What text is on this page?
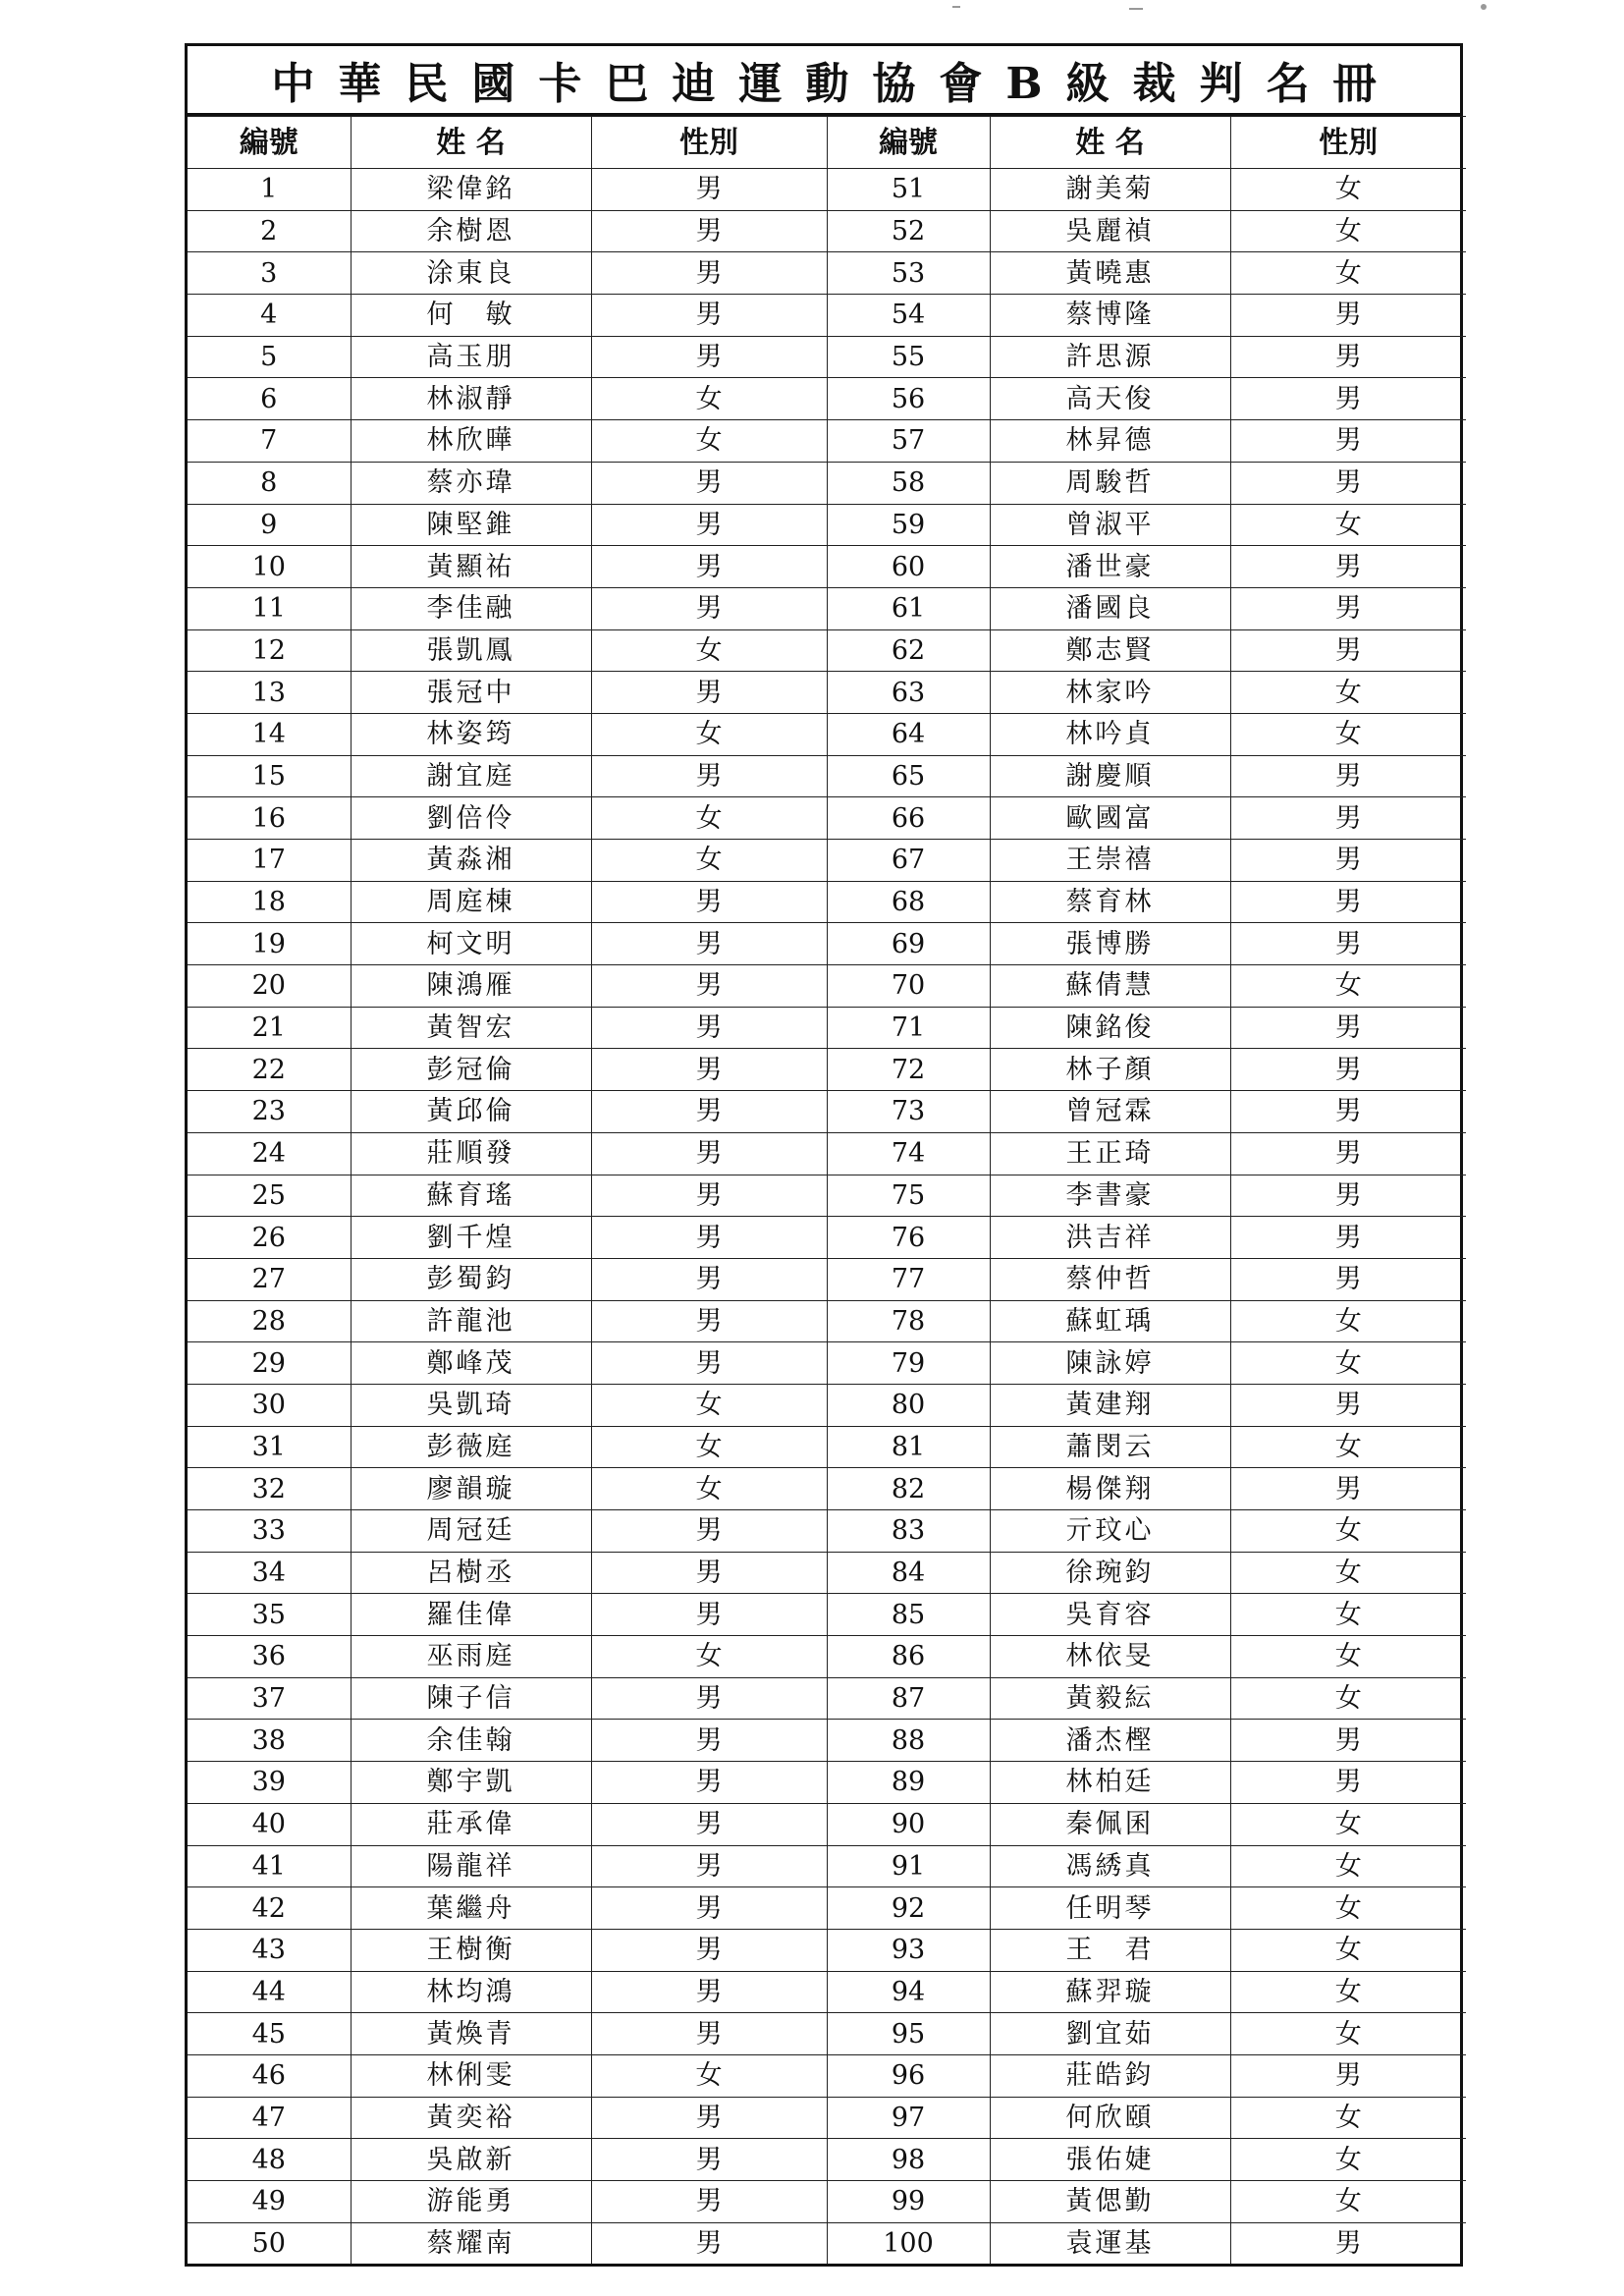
中華民國卡巴迪運動協會B級裁判名冊
編號	姓 名	性別	編號	姓 名	性別
1	梁偉銘	男	51	謝美菊	女
2	余樹恩	男	52	吳麗禎	女
3	涂東良	男	53	黃曉惠	女
4	何　敏	男	54	蔡博隆	男
5	高玉朋	男	55	許思源	男
6	林淑靜	女	56	高天俊	男
7	林欣曄	女	57	林昇德	男
8	蔡亦瑋	男	58	周駿哲	男
9	陳堅錐	男	59	曾淑平	女
10	黃顯祐	男	60	潘世豪	男
11	李佳融	男	61	潘國良	男
12	張凱鳳	女	62	鄭志賢	男
13	張冠中	男	63	林家吟	女
14	林姿筠	女	64	林吟貞	女
15	謝宜庭	男	65	謝慶順	男
16	劉倍伶	女	66	歐國富	男
17	黃淼湘	女	67	王崇禧	男
18	周庭棟	男	68	蔡育林	男
19	柯文明	男	69	張博勝	男
20	陳鴻雁	男	70	蘇倩慧	女
21	黃智宏	男	71	陳銘俊	男
22	彭冠倫	男	72	林子顏	男
23	黃邱倫	男	73	曾冠霖	男
24	莊順發	男	74	王正琦	男
25	蘇育瑤	男	75	李書豪	男
26	劉千煌	男	76	洪吉祥	男
27	彭蜀鈞	男	77	蔡仲哲	男
28	許龍池	男	78	蘇虹瑀	女
29	鄭峰茂	男	79	陳詠婷	女
30	吳凱琦	女	80	黃建翔	男
31	彭薇庭	女	81	蕭閔云	女
32	廖韻璇	女	82	楊傑翔	男
33	周冠廷	男	83	亓玟心	女
34	呂樹丞	男	84	徐琬鈞	女
35	羅佳偉	男	85	吳育容	女
36	巫雨庭	女	86	林依旻	女
37	陳子信	男	87	黃毅紜	女
38	余佳翰	男	88	潘杰樫	男
39	鄭宇凱	男	89	林柏廷	男
40	莊承偉	男	90	秦佩囷	女
41	陽龍祥	男	91	馮綉真	女
42	葉繼舟	男	92	任明琴	女
43	王樹衡	男	93	王　君	女
44	林均鴻	男	94	蘇羿璇	女
45	黃煥青	男	95	劉宜茹	女
46	林俐雯	女	96	莊皓鈞	男
47	黃奕裕	男	97	何欣頤	女
48	吳啟新	男	98	張佑婕	女
49	游能勇	男	99	黃偲勤	女
50	蔡耀南	男	100	袁運基	男
